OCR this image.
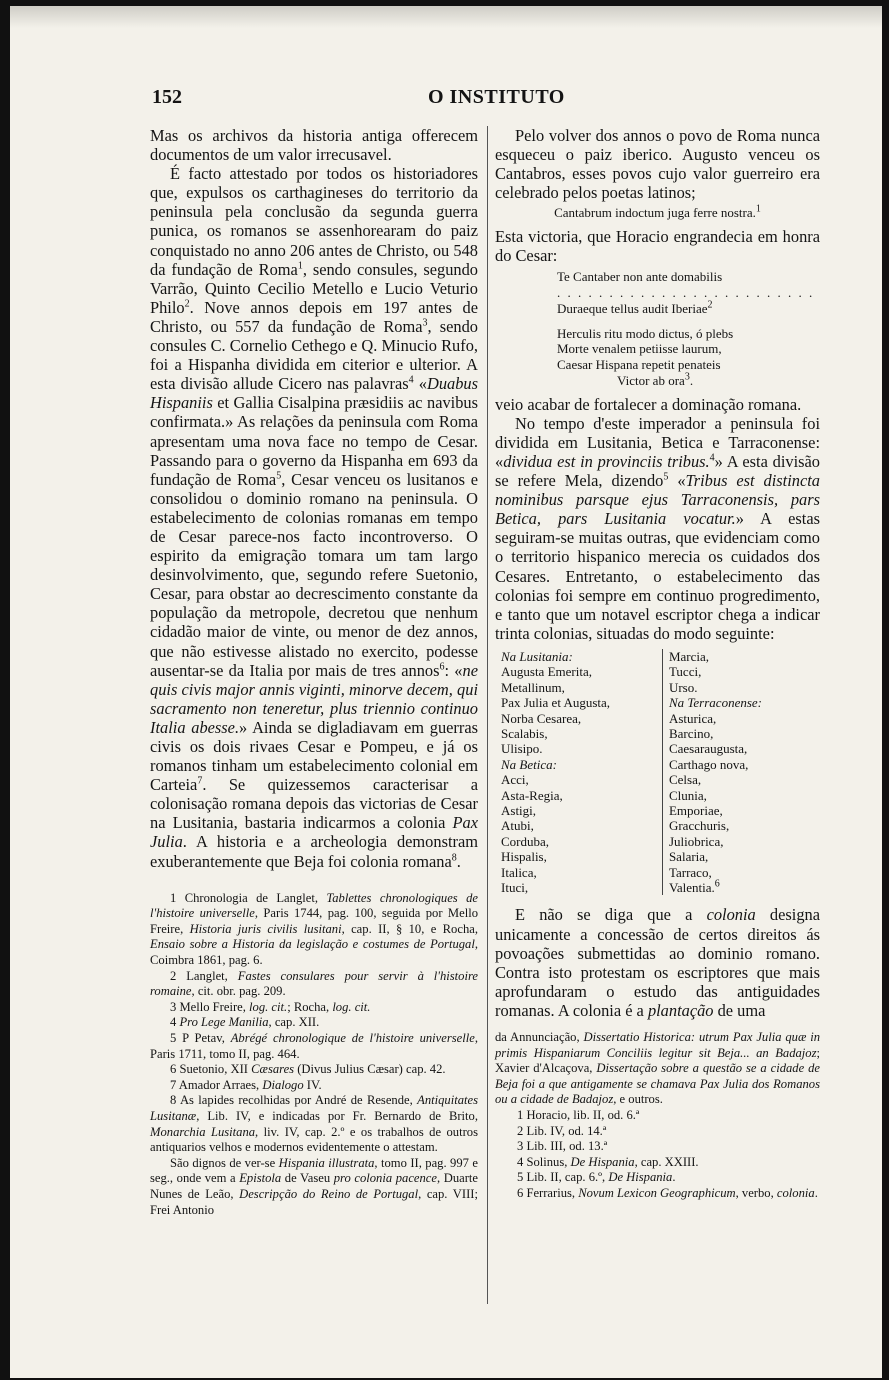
152	O INSTITUTO

Mas os archivos da historia antiga offerecem documentos de um valor irrecusavel.

É facto attestado por todos os historiadores que, expulsos os carthagineses do territorio da peninsula pela conclusão da segunda guerra punica, os romanos se assenhorearam do paiz conquistado no anno 206 antes de Christo, ou 548 da fundação de Roma$^1$, sendo consules, segundo Varrão, Quinto Cecilio Metello e Lucio Veturio Philo$^2$. Nove annos depois em 197 antes de Christo, ou 557 da fundação de Roma$^3$, sendo consules C. Cornelio Cethego e Q. Minucio Rufo, foi a Hispanha dividida em citerior e ulterior. A esta divisão allude Cicero nas palavras$^4$ «Duabus Hispaniis et Gallia Cisalpina præsidiis ac navibus confirmata.» As relações da peninsula com Roma apresentam uma nova face no tempo de Cesar. Passando para o governo da Hispanha em 693 da fundação de Roma$^5$, Cesar venceu os lusitanos e consolidou o dominio romano na peninsula. O estabelecimento de colonias romanas em tempo de Cesar parece-nos facto incontroverso. O espirito da emigração tomara um tam largo desinvolvimento, que, segundo refere Suetonio, Cesar, para obstar ao decrescimento constante da população da metropole, decretou que nenhum cidadão maior de vinte, ou menor de dez annos, que não estivesse alistado no exercito, podesse ausentar-se da Italia por mais de tres annos$^6$: «ne quis civis major annis viginti, minorve decem, qui sacramento non teneretur, plus triennio continuo Italia abesse.» Ainda se digladiavam em guerras civis os dois rivaes Cesar e Pompeu, e já os romanos tinham um estabelecimento colonial em Carteia$^7$. Se quizessemos caracterisar a colonisação romana depois das victorias de Cesar na Lusitania, bastaria indicarmos a colonia Pax Julia. A historia e a archeologia demonstram exuberantemente que Beja foi colonia romana$^8$.

1 Chronologia de Langlet, Tablettes chronologiques de l'histoire universelle, Paris 1744, pag. 100, seguida por Mello Freire, Historia juris civilis lusitani, cap. II, § 10, e Rocha, Ensaio sobre a Historia da legislação e costumes de Portugal, Coimbra 1861, pag. 6.

2 Langlet, Fastes consulares pour servir à l'histoire romaine, cit. obr. pag. 209.

3 Mello Freire, log. cit.; Rocha, log. cit.

4 Pro Lege Manilia, cap. XII.

5 P Petav, Abrégé chronologique de l'histoire universelle, Paris 1711, tomo II, pag. 464.

6 Suetonio, XII Cæsares (Divus Julius Cæsar) cap. 42.

7 Amador Arraes, Dialogo IV.

8 As lapides recolhidas por André de Resende, Antiquitates Lusitanæ, Lib. IV, e indicadas por Fr. Bernardo de Brito, Monarchia Lusitana, liv. IV, cap. 2.º e os trabalhos de outros antiquarios velhos e modernos evidentemente o attestam.

São dignos de ver-se Hispania illustrata, tomo II, pag. 997 e seg., onde vem a Epistola de Vaseu pro colonia pacence, Duarte Nunes de Leão, Descripção do Reino de Portugal, cap. VIII; Frei Antonio

Pelo volver dos annos o povo de Roma nunca esqueceu o paiz iberico. Augusto venceu os Cantabros, esses povos cujo valor guerreiro era celebrado pelos poetas latinos;

Cantabrum indoctum juga ferre nostra.$^1$

Esta victoria, que Horacio engrandecia em honra do Cesar:

Te Cantaber non ante domabilis
. . . . . . . . . . . . . . . . . . . . . . . . .
Duraeque tellus audit Iberiae$^2$
Herculis ritu modo dictus, ó plebs
Morte venalem petiisse laurum,
Caesar Hispana repetit penateis
Victor ab ora$^3$.

veio acabar de fortalecer a dominação romana.

No tempo d'este imperador a peninsula foi dividida em Lusitania, Betica e Tarraconense: «dividua est in provinciis tribus.$^4$» A esta divisão se refere Mela, dizendo$^5$ «Tribus est distincta nominibus parsque ejus Tarraconensis, pars Betica, pars Lusitania vocatur.» A estas seguiram-se muitas outras, que evidenciam como o territorio hispanico merecia os cuidados dos Cesares. Entretanto, o estabelecimento das colonias foi sempre em continuo progredimento, e tanto que um notavel escriptor chega a indicar trinta colonias, situadas do modo seguinte:

Na Lusitania:
Augusta Emerita,
Metallinum,
Pax Julia et Augusta,
Norba Cesarea,
Scalabis,
Ulisipo.
Na Betica:
Acci,
Asta-Regia,
Astigi,
Atubi,
Corduba,
Hispalis,
Italica,
Ituci,
Marcia,
Tucci,
Urso.
Na Terraconense:
Asturica,
Barcino,
Caesaraugusta,
Carthago nova,
Celsa,
Clunia,
Emporiae,
Gracchuris,
Juliobrica,
Salaria,
Tarraco,
Valentia.$^6$

E não se diga que a colonia designa unicamente a concessão de certos direitos ás povoações submettidas ao dominio romano. Contra isto protestam os escriptores que mais aprofundaram o estudo das antiguidades romanas. A colonia é a plantação de uma

da Annunciação, Dissertatio Historica: utrum Pax Julia quæ in primis Hispaniarum Conciliis legitur sit Beja... an Badajoz; Xavier d'Alcaçova, Dissertação sobre a questão se a cidade de Beja foi a que antigamente se chamava Pax Julia dos Romanos ou a cidade de Badajoz, e outros.

1 Horacio, lib. II, od. 6.ª

2 Lib. IV, od. 14.ª

3 Lib. III, od. 13.ª

4 Solinus, De Hispania, cap. XXIII.

5 Lib. II, cap. 6.º, De Hispania.

6 Ferrarius, Novum Lexicon Geographicum, verbo, colonia.
